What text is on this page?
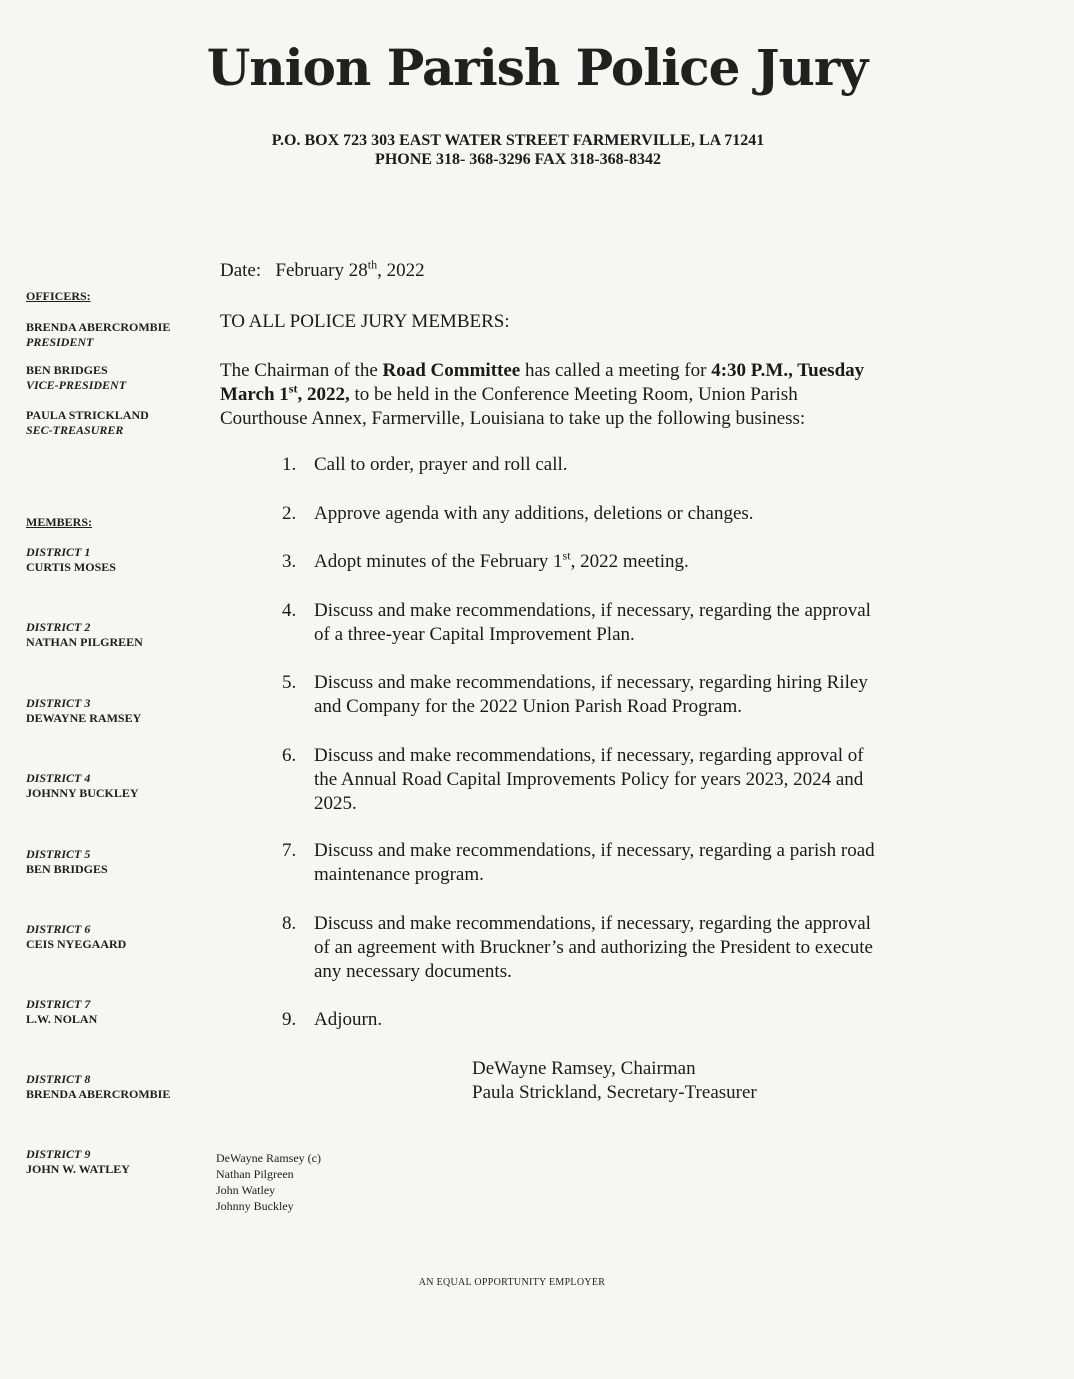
Union Parish Police Jury
P.O. BOX 723 303 EAST WATER STREET FARMERVILLE, LA 71241
PHONE 318- 368-3296 FAX 318-368-8342
OFFICERS:
BRENDA ABERCROMBIE
PRESIDENT
BEN BRIDGES
VICE-PRESIDENT
PAULA STRICKLAND
SEC-TREASURER
MEMBERS:
DISTRICT 1
CURTIS MOSES
DISTRICT 2
NATHAN PILGREEN
DISTRICT 3
DEWAYNE RAMSEY
DISTRICT 4
JOHNNY BUCKLEY
DISTRICT 5
BEN BRIDGES
DISTRICT 6
CEIS NYEGAARD
DISTRICT 7
L.W. NOLAN
DISTRICT 8
BRENDA ABERCROMBIE
DISTRICT 9
JOHN W. WATLEY
Date: February 28th, 2022
TO ALL POLICE JURY MEMBERS:
The Chairman of the Road Committee has called a meeting for 4:30 P.M., Tuesday
March 1st, 2022, to be held in the Conference Meeting Room, Union Parish
Courthouse Annex, Farmerville, Louisiana to take up the following business:
1. Call to order, prayer and roll call.
2. Approve agenda with any additions, deletions or changes.
3. Adopt minutes of the February 1st, 2022 meeting.
4. Discuss and make recommendations, if necessary, regarding the approval
of a three-year Capital Improvement Plan.
5. Discuss and make recommendations, if necessary, regarding hiring Riley
and Company for the 2022 Union Parish Road Program.
6. Discuss and make recommendations, if necessary, regarding approval of
the Annual Road Capital Improvements Policy for years 2023, 2024 and
2025.
7. Discuss and make recommendations, if necessary, regarding a parish road
maintenance program.
8. Discuss and make recommendations, if necessary, regarding the approval
of an agreement with Bruckner’s and authorizing the President to execute
any necessary documents.
9. Adjourn.
DeWayne Ramsey, Chairman
Paula Strickland, Secretary-Treasurer
DeWayne Ramsey (c)
Nathan Pilgreen
John Watley
Johnny Buckley
AN EQUAL OPPORTUNITY EMPLOYER
